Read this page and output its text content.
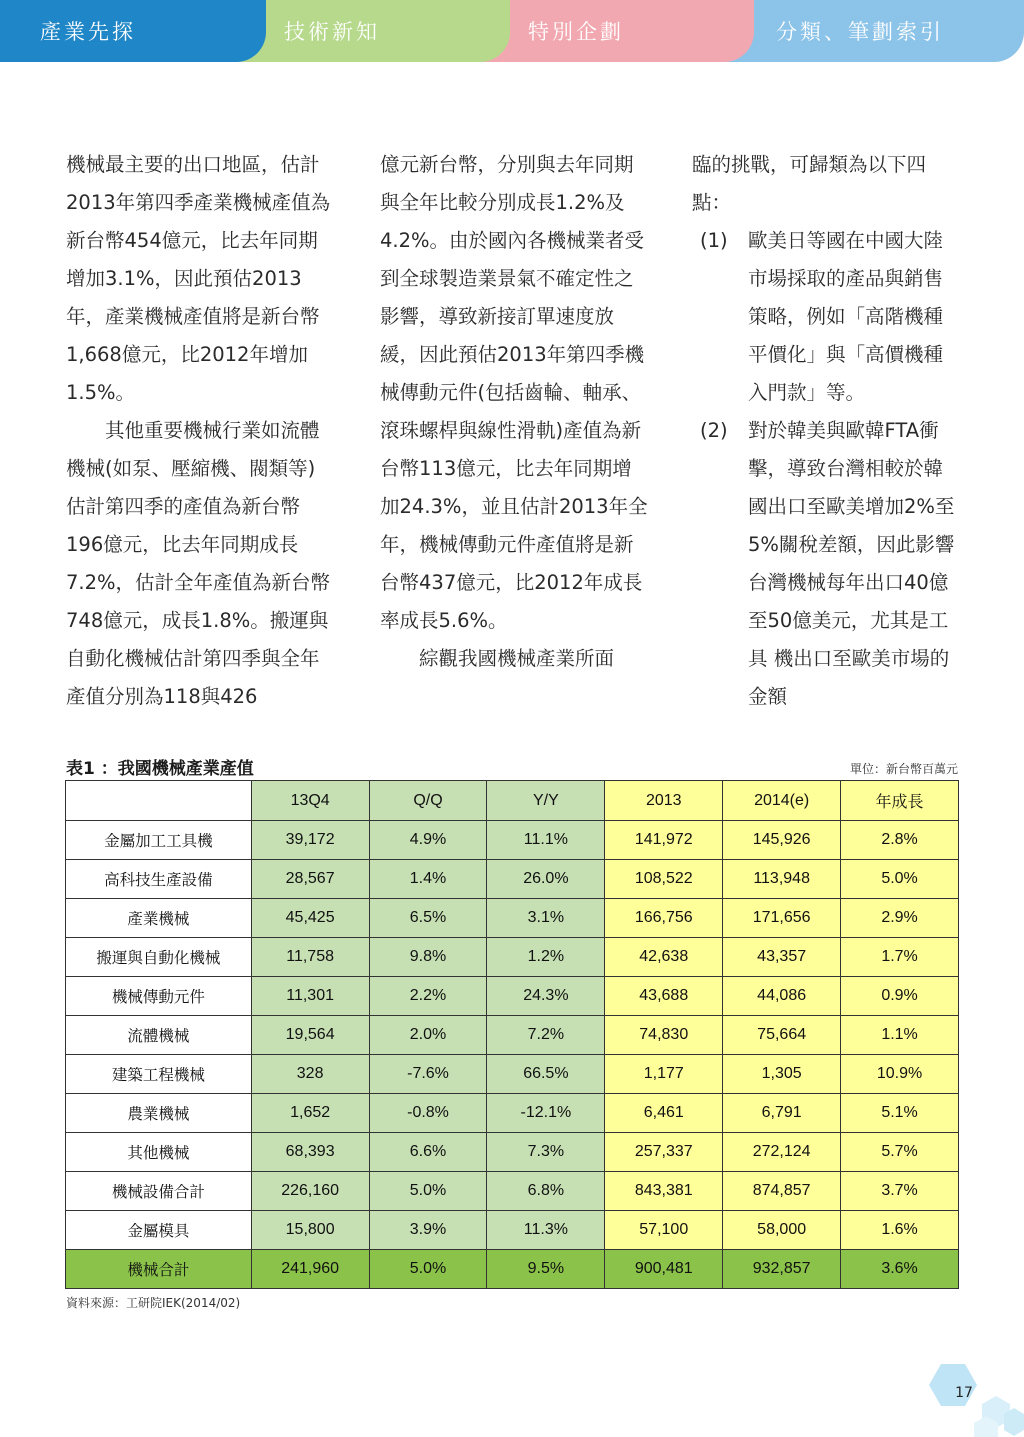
產業先探	技術新知	特別企劃	分類、筆劃索引

機械最主要的出口地區，估計2013年第四季產業機械產值為新台幣454億元，比去年同期增加3.1%，因此預估2013年，產業機械產值將是新台幣1,668億元，比2012年增加1.5%。

其他重要機械行業如流體機械(如泵、壓縮機、閥類等)估計第四季的產值為新台幣196億元，比去年同期成長7.2%，估計全年產值為新台幣748億元，成長1.8%。搬運與自動化機械估計第四季與全年產值分別為118與426

億元新台幣，分別與去年同期與全年比較分別成長1.2%及4.2%。由於國內各機械業者受到全球製造業景氣不確定性之影響，導致新接訂單速度放緩，因此預估2013年第四季機械傳動元件(包括齒輪、軸承、滾珠螺桿與線性滑軌)產值為新台幣113億元，比去年同期增加24.3%，並且估計2013年全年，機械傳動元件產值將是新台幣437億元，比2012年成長率成長5.6%。

綜觀我國機械產業所面

臨的挑戰，可歸類為以下四點：

(1) 歐美日等國在中國大陸市場採取的產品與銷售策略，例如「高階機種平價化」與「高價機種入門款」等。
(2) 對於韓美與歐韓FTA衝擊，導致台灣相較於韓國出口至歐美增加2%至5%關稅差額，因此影響台灣機械每年出口40億至50億美元，尤其是工具 機出口至歐美市場的金額
表1 ：我國機械產業產值	單位：新台幣百萬元
	13Q4	Q/Q	Y/Y	2013	2014(e)	年成長
金屬加工工具機	39,172	4.9%	11.1%	141,972	145,926	2.8%
高科技生產設備	28,567	1.4%	26.0%	108,522	113,948	5.0%
產業機械	45,425	6.5%	3.1%	166,756	171,656	2.9%
搬運與自動化機械	11,758	9.8%	1.2%	42,638	43,357	1.7%
機械傳動元件	11,301	2.2%	24.3%	43,688	44,086	0.9%
流體機械	19,564	2.0%	7.2%	74,830	75,664	1.1%
建築工程機械	328	-7.6%	66.5%	1,177	1,305	10.9%
農業機械	1,652	-0.8%	-12.1%	6,461	6,791	5.1%
其他機械	68,393	6.6%	7.3%	257,337	272,124	5.7%
機械設備合計	226,160	5.0%	6.8%	843,381	874,857	3.7%
金屬模具	15,800	3.9%	11.3%	57,100	58,000	1.6%
機械合計	241,960	5.0%	9.5%	900,481	932,857	3.6%
資料來源：工研院IEK(2014/02)
17
